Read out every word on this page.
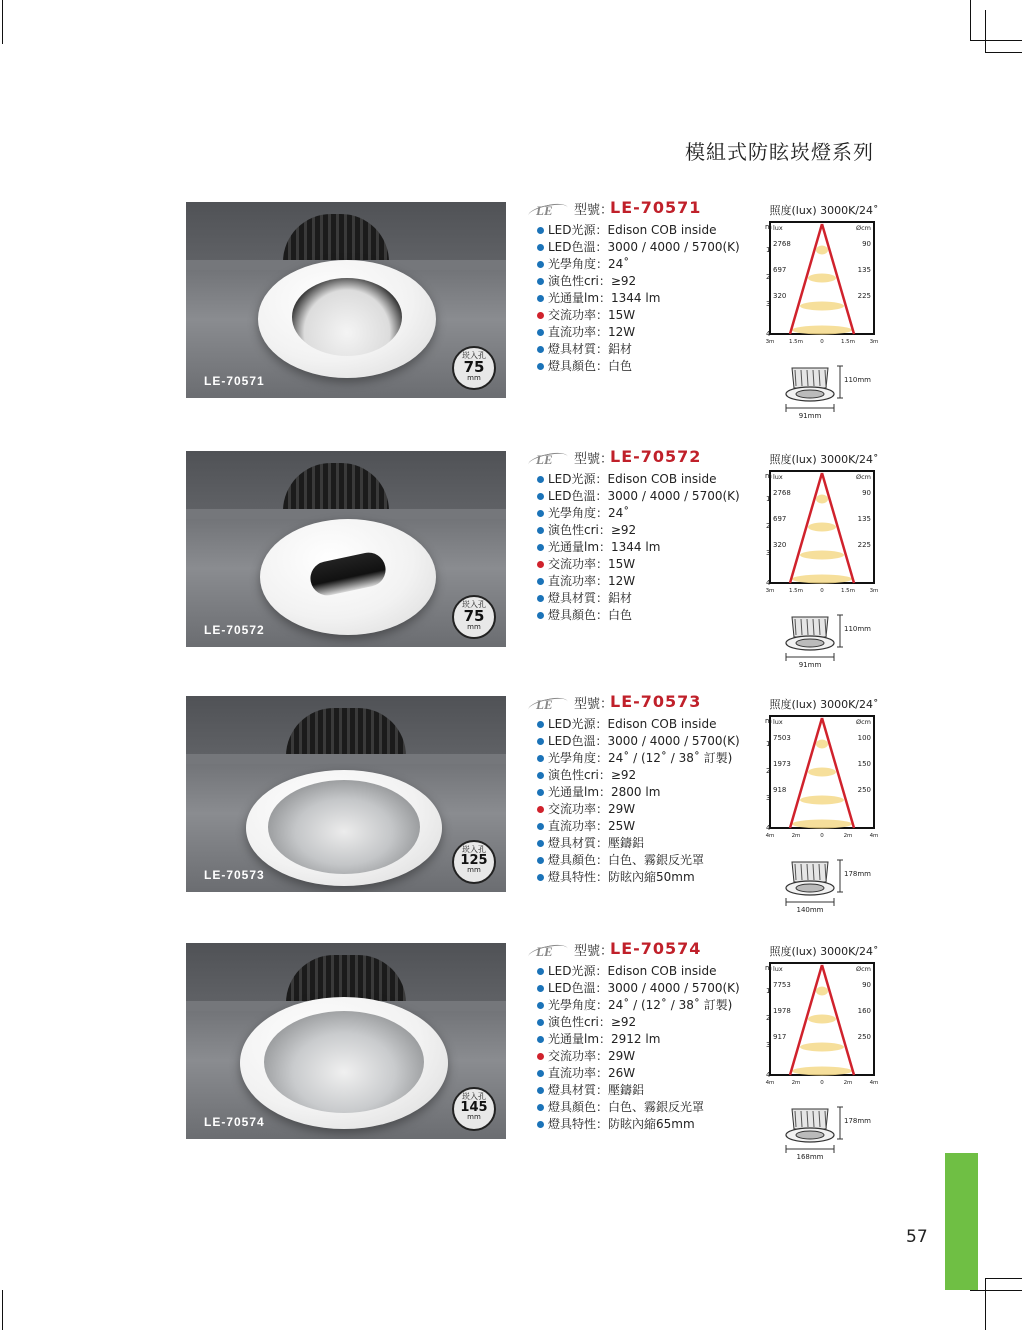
模組式防眩崁燈系列
LE-70571
崁入孔
75
mm
LE 型號：
LE-70571
LED光源：Edison COB inside
LED色溫：3000 / 4000 / 5700(K)
光學角度：24˚
演色性cri：≥92
光通量lm：1344 lm
交流功率：15W
直流功率：12W
燈具材質：鋁材
燈具顏色：白色
照度(lux) 3000K/24˚
m lux	Øcm
1
2768	90
2
697	135
3
320	225
4
3m	1.5m	0	1.5m	3m
110mm
91mm
LE-70572
崁入孔
75
mm
LE 型號：
LE-70572
LED光源：Edison COB inside
LED色溫：3000 / 4000 / 5700(K)
光學角度：24˚
演色性cri：≥92
光通量lm：1344 lm
交流功率：15W
直流功率：12W
燈具材質：鋁材
燈具顏色：白色
照度(lux) 3000K/24˚
m lux	Øcm
1
2768	90
2
697	135
3
320	225
4
3m	1.5m	0	1.5m	3m
110mm
91mm
LE-70573
崁入孔
125
mm
LE 型號：
LE-70573
LED光源：Edison COB inside
LED色溫：3000 / 4000 / 5700(K)
光學角度：24˚ / (12˚ / 38˚ 訂製)
演色性cri：≥92
光通量lm：2800 lm
交流功率：29W
直流功率：25W
燈具材質：壓鑄鋁
燈具顏色：白色、霧銀反光罩
燈具特性：防眩內縮50mm
照度(lux) 3000K/24˚
m lux	Øcm
1
7503	100
2
1973	150
3
918	250
4
4m	2m	0	2m	4m
178mm
140mm
LE-70574
崁入孔
145
mm
LE 型號：
LE-70574
LED光源：Edison COB inside
LED色溫：3000 / 4000 / 5700(K)
光學角度：24˚ / (12˚ / 38˚ 訂製)
演色性cri：≥92
光通量lm：2912 lm
交流功率：29W
直流功率：26W
燈具材質：壓鑄鋁
燈具顏色：白色、霧銀反光罩
燈具特性：防眩內縮65mm
照度(lux) 3000K/24˚
m lux	Øcm
1
7753	90
2
1978	160
3
917	250
4
4m	2m	0	2m	4m
178mm
168mm
57
